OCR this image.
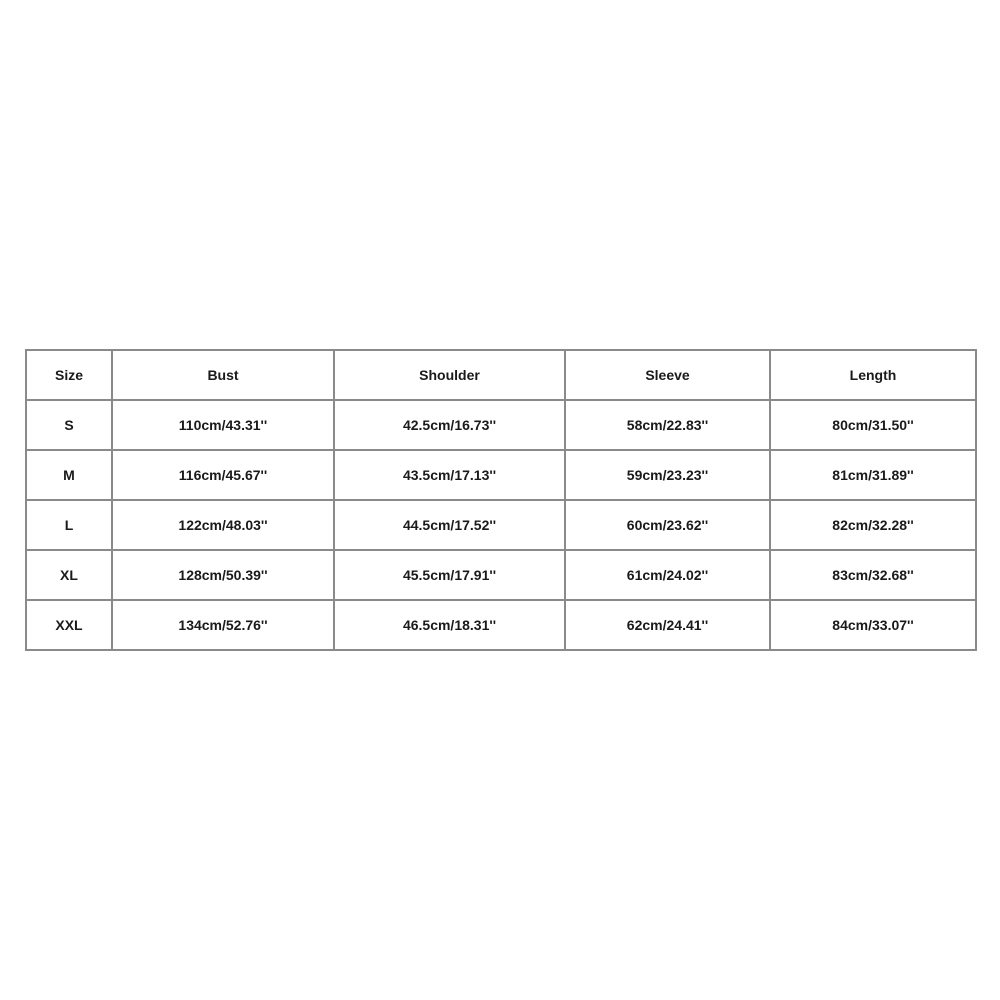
Size	Bust	Shoulder	Sleeve	Length
S	110cm/43.31''	42.5cm/16.73''	58cm/22.83''	80cm/31.50''
M	116cm/45.67''	43.5cm/17.13''	59cm/23.23''	81cm/31.89''
L	122cm/48.03''	44.5cm/17.52''	60cm/23.62''	82cm/32.28''
XL	128cm/50.39''	45.5cm/17.91''	61cm/24.02''	83cm/32.68''
XXL	134cm/52.76''	46.5cm/18.31''	62cm/24.41''	84cm/33.07''
